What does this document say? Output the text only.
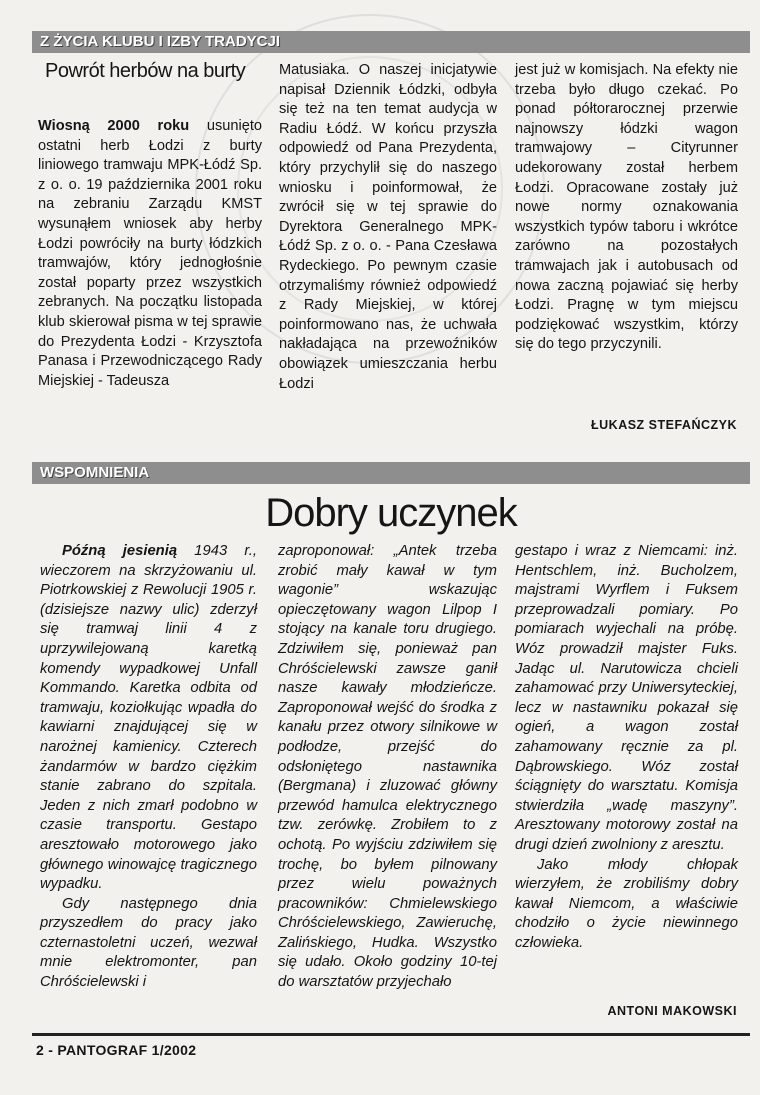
Z ŻYCIA KLUBU I IZBY TRADYCJI
Powrót herbów na burty

Wiosną 2000 roku usunięto ostatni herb Łodzi z burty liniowego tramwaju MPK-Łódź Sp. z o. o. 19 października 2001 roku na zebraniu Zarządu KMST wysunąłem wniosek aby herby Łodzi powróciły na burty łódzkich tramwajów, który jednogłośnie został poparty przez wszystkich zebranych. Na początku listopada klub skierował pisma w tej sprawie do Prezydenta Łodzi - Krzysztofa Panasa i Przewodniczącego Rady Miejskiej - Tadeusza

Matusiaka. O naszej inicjatywie napisał Dziennik Łódzki, odbyła się też na ten temat audycja w Radiu Łódź. W końcu przyszła odpowiedź od Pana Prezydenta, który przychylił się do naszego wniosku i poinformował, że zwrócił się w tej sprawie do Dyrektora Generalnego MPK-Łódź Sp. z o. o. - Pana Czesława Rydeckiego. Po pewnym czasie otrzymaliśmy również odpowiedź z Rady Miejskiej, w której poinformowano nas, że uchwała nakładająca na przewoźników obowiązek umieszczania herbu Łodzi

jest już w komisjach. Na efekty nie trzeba było długo czekać. Po ponad półtorarocznej przerwie najnowszy łódzki wagon tramwajowy – Cityrunner udekorowany został herbem Łodzi. Opracowane zostały już nowe normy oznakowania wszystkich typów taboru i wkrótce zarówno na pozostałych tramwajach jak i autobusach od nowa zaczną pojawiać się herby Łodzi. Pragnę w tym miejscu podziękować wszystkim, którzy się do tego przyczynili.

ŁUKASZ STEFAŃCZYK
WSPOMNIENIA
Dobry uczynek

Późną jesienią 1943 r., wieczorem na skrzyżowaniu ul. Piotrkowskiej z Rewolucji 1905 r. (dzisiejsze nazwy ulic) zderzył się tramwaj linii 4 z uprzywilejowaną karetką komendy wypadkowej Unfall Kommando. Karetka odbita od tramwaju, koziołkując wpadła do kawiarni znajdującej się w narożnej kamienicy. Czterech żandarmów w bardzo ciężkim stanie zabrano do szpitala. Jeden z nich zmarł podobno w czasie transportu. Gestapo aresztowało motorowego jako głównego winowajcę tragicznego wypadku.

Gdy następnego dnia przyszedłem do pracy jako czternastoletni uczeń, wezwał mnie elektromonter, pan Chróścielewski i

zaproponował: „Antek trzeba zrobić mały kawał w tym wagonie” wskazując opieczętowany wagon Lilpop I stojący na kanale toru drugiego. Zdziwiłem się, ponieważ pan Chróścielewski zawsze ganił nasze kawały młodzieńcze. Zaproponował wejść do środka z kanału przez otwory silnikowe w podłodze, przejść do odsłoniętego nastawnika (Bergmana) i zluzować główny przewód hamulca elektrycznego tzw. zerówkę. Zrobiłem to z ochotą. Po wyjściu zdziwiłem się trochę, bo byłem pilnowany przez wielu poważnych pracowników: Chmielewskiego Chróścielewskiego, Zawieruchę, Zalińskiego, Hudka. Wszystko się udało. Około godziny 10-tej do warsztatów przyjechało

gestapo i wraz z Niemcami: inż. Hentschlem, inż. Bucholzem, majstrami Wyrflem i Fuksem przeprowadzali pomiary. Po pomiarach wyjechali na próbę. Wóz prowadził majster Fuks. Jadąc ul. Narutowicza chcieli zahamować przy Uniwersyteckiej, lecz w nastawniku pokazał się ogień, a wagon został zahamowany ręcznie za pl. Dąbrowskiego. Wóz został ściągnięty do warsztatu. Komisja stwierdziła „wadę maszyny”. Aresztowany motorowy został na drugi dzień zwolniony z aresztu.

Jako młody chłopak wierzyłem, że zrobiliśmy dobry kawał Niemcom, a właściwie chodziło o życie niewinnego człowieka.

ANTONI MAKOWSKI
2 - PANTOGRAF 1/2002
